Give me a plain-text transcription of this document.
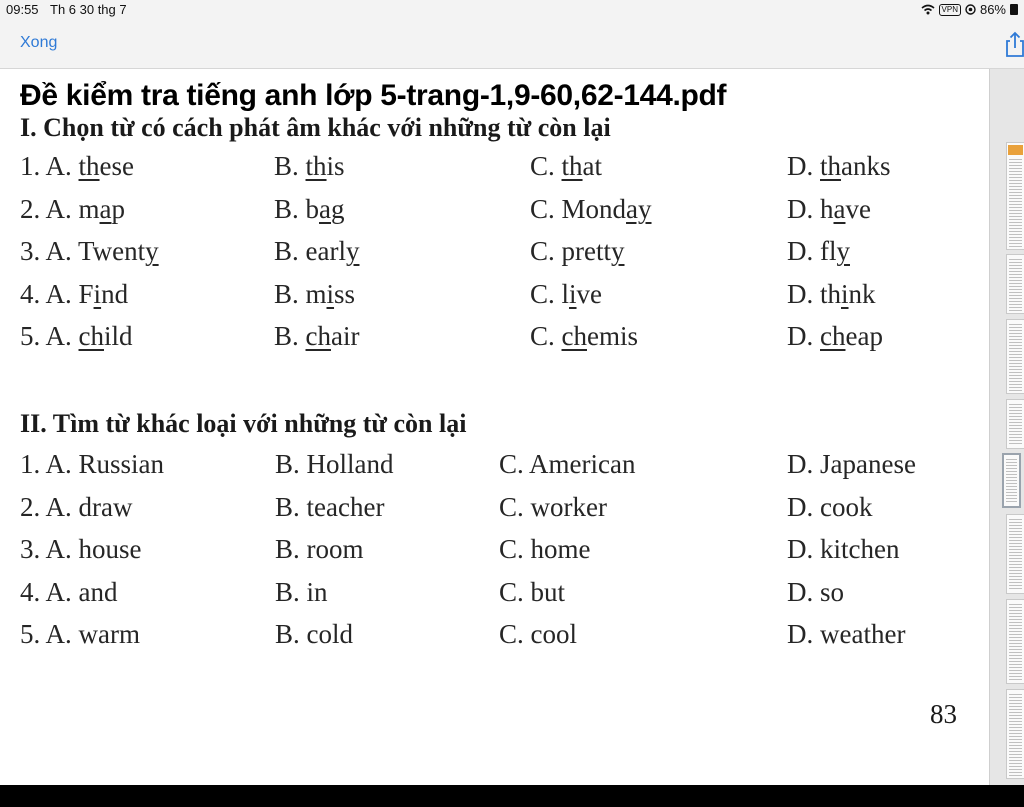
09:55 Th 6 30 thg 7	VPN 86%
Xong
Đề kiểm tra tiếng anh lớp 5-trang-1,9-60,62-144.pdf
I. Chọn từ có cách phát âm khác với những từ còn lại
1. A. these	B. this	C. that	D. thanks
2. A. map	B. bag	C. Monday	D. have
3. A. Twenty	B. early	C. pretty	D. fly
4. A. Find	B. miss	C. live	D. think
5. A. child	B. chair	C. chemis	D. cheap
II. Tìm từ khác loại với những từ còn lại
1. A. Russian	B. Holland	C. American	D. Japanese
2. A. draw	B. teacher	C. worker	D. cook
3. A. house	B. room	C. home	D. kitchen
4. A. and	B. in	C. but	D. so
5. A. warm	B. cold	C. cool	D. weather
83
